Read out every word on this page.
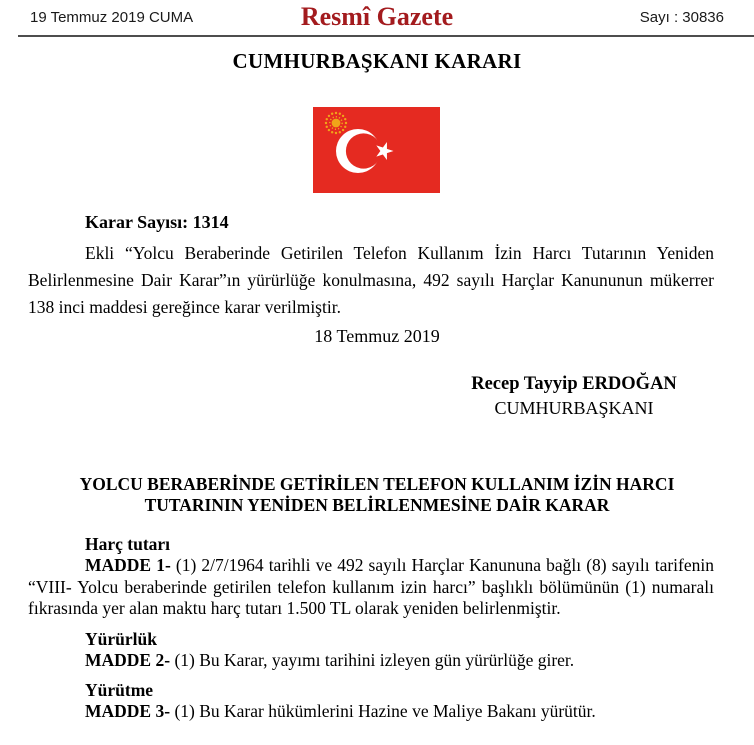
19 Temmuz 2019 CUMA	Resmî Gazete	Sayı : 30836
CUMHURBAŞKANI KARARI
Karar Sayısı: 1314
Ekli “Yolcu Beraberinde Getirilen Telefon Kullanım İzin Harcı Tutarının Yeniden Belirlenmesine Dair Karar”ın yürürlüğe konulmasına, 492 sayılı Harçlar Kanununun mükerrer 138 inci maddesi gereğince karar verilmiştir.
18 Temmuz 2019
Recep Tayyip ERDOĞAN
CUMHURBAŞKANI
YOLCU BERABERİNDE GETİRİLEN TELEFON KULLANIM İZİN HARCI TUTARININ YENİDEN BELİRLENMESİNE DAİR KARAR
Harç tutarı
MADDE 1- (1) 2/7/1964 tarihli ve 492 sayılı Harçlar Kanununa bağlı (8) sayılı tarifenin “VIII- Yolcu beraberinde getirilen telefon kullanım izin harcı” başlıklı bölümünün (1) numaralı fıkrasında yer alan maktu harç tutarı 1.500 TL olarak yeniden belirlenmiştir.
Yürürlük
MADDE 2- (1) Bu Karar, yayımı tarihini izleyen gün yürürlüğe girer.
Yürütme
MADDE 3- (1) Bu Karar hükümlerini Hazine ve Maliye Bakanı yürütür.
